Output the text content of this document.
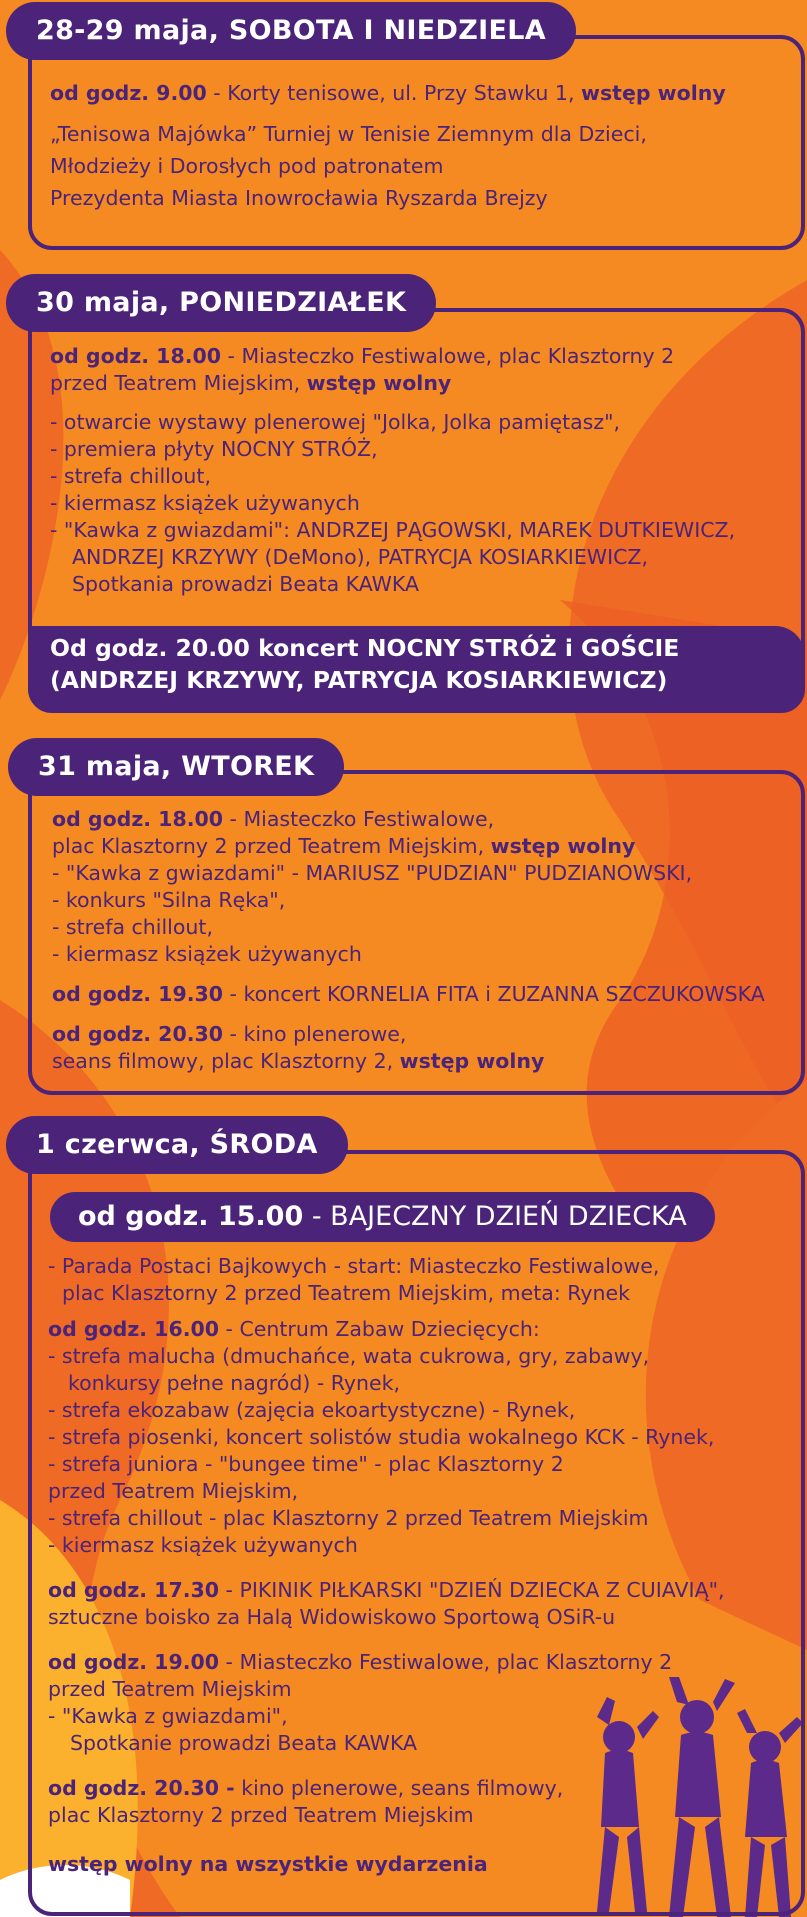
28-29 maja, SOBOTA I NIEDZIELA
od godz. 9.00 - Korty tenisowe, ul. Przy Stawku 1, wstęp wolny
„Tenisowa Majówka” Turniej w Tenisie Ziemnym dla Dzieci,
Młodzieży i Dorosłych pod patronatem
Prezydenta Miasta Inowrocławia Ryszarda Brejzy
30 maja, PONIEDZIAŁEK
od godz. 18.00 - Miasteczko Festiwalowe, plac Klasztorny 2
przed Teatrem Miejskim, wstęp wolny
- otwarcie wystawy plenerowej "Jolka, Jolka pamiętasz",
- premiera płyty NOCNY STRÓŻ,
- strefa chillout,
- kiermasz książek używanych
- "Kawka z gwiazdami": ANDRZEJ PĄGOWSKI, MAREK DUTKIEWICZ,
ANDRZEJ KRZYWY (DeMono), PATRYCJA KOSIARKIEWICZ,
Spotkania prowadzi Beata KAWKA
Od godz. 20.00 koncert NOCNY STRÓŻ i GOŚCIE
(ANDRZEJ KRZYWY, PATRYCJA KOSIARKIEWICZ)
31 maja, WTOREK
od godz. 18.00 - Miasteczko Festiwalowe,
plac Klasztorny 2 przed Teatrem Miejskim, wstęp wolny
- "Kawka z gwiazdami" - MARIUSZ "PUDZIAN" PUDZIANOWSKI,
- konkurs "Silna Ręka",
- strefa chillout,
- kiermasz książek używanych
od godz. 19.30 - koncert KORNELIA FITA i ZUZANNA SZCZUKOWSKA
od godz. 20.30 - kino plenerowe,
seans filmowy, plac Klasztorny 2, wstęp wolny
1 czerwca, ŚRODA
od godz. 15.00 - BAJECZNY DZIEŃ DZIECKA
- Parada Postaci Bajkowych - start: Miasteczko Festiwalowe,
plac Klasztorny 2 przed Teatrem Miejskim, meta: Rynek
od godz. 16.00 - Centrum Zabaw Dziecięcych:
- strefa malucha (dmuchańce, wata cukrowa, gry, zabawy,
konkursy pełne nagród) - Rynek,
- strefa ekozabaw (zajęcia ekoartystyczne) - Rynek,
- strefa piosenki, koncert solistów studia wokalnego KCK - Rynek,
- strefa juniora - "bungee time" - plac Klasztorny 2
przed Teatrem Miejskim,
- strefa chillout - plac Klasztorny 2 przed Teatrem Miejskim
- kiermasz książek używanych
od godz. 17.30 - PIKINIK PIŁKARSKI "DZIEŃ DZIECKA Z CUIAVIĄ",
sztuczne boisko za Halą Widowiskowo Sportową OSiR-u
od godz. 19.00 - Miasteczko Festiwalowe, plac Klasztorny 2
przed Teatrem Miejskim
- "Kawka z gwiazdami",
Spotkanie prowadzi Beata KAWKA
od godz. 20.30 - kino plenerowe, seans filmowy,
plac Klasztorny 2 przed Teatrem Miejskim
wstęp wolny na wszystkie wydarzenia
